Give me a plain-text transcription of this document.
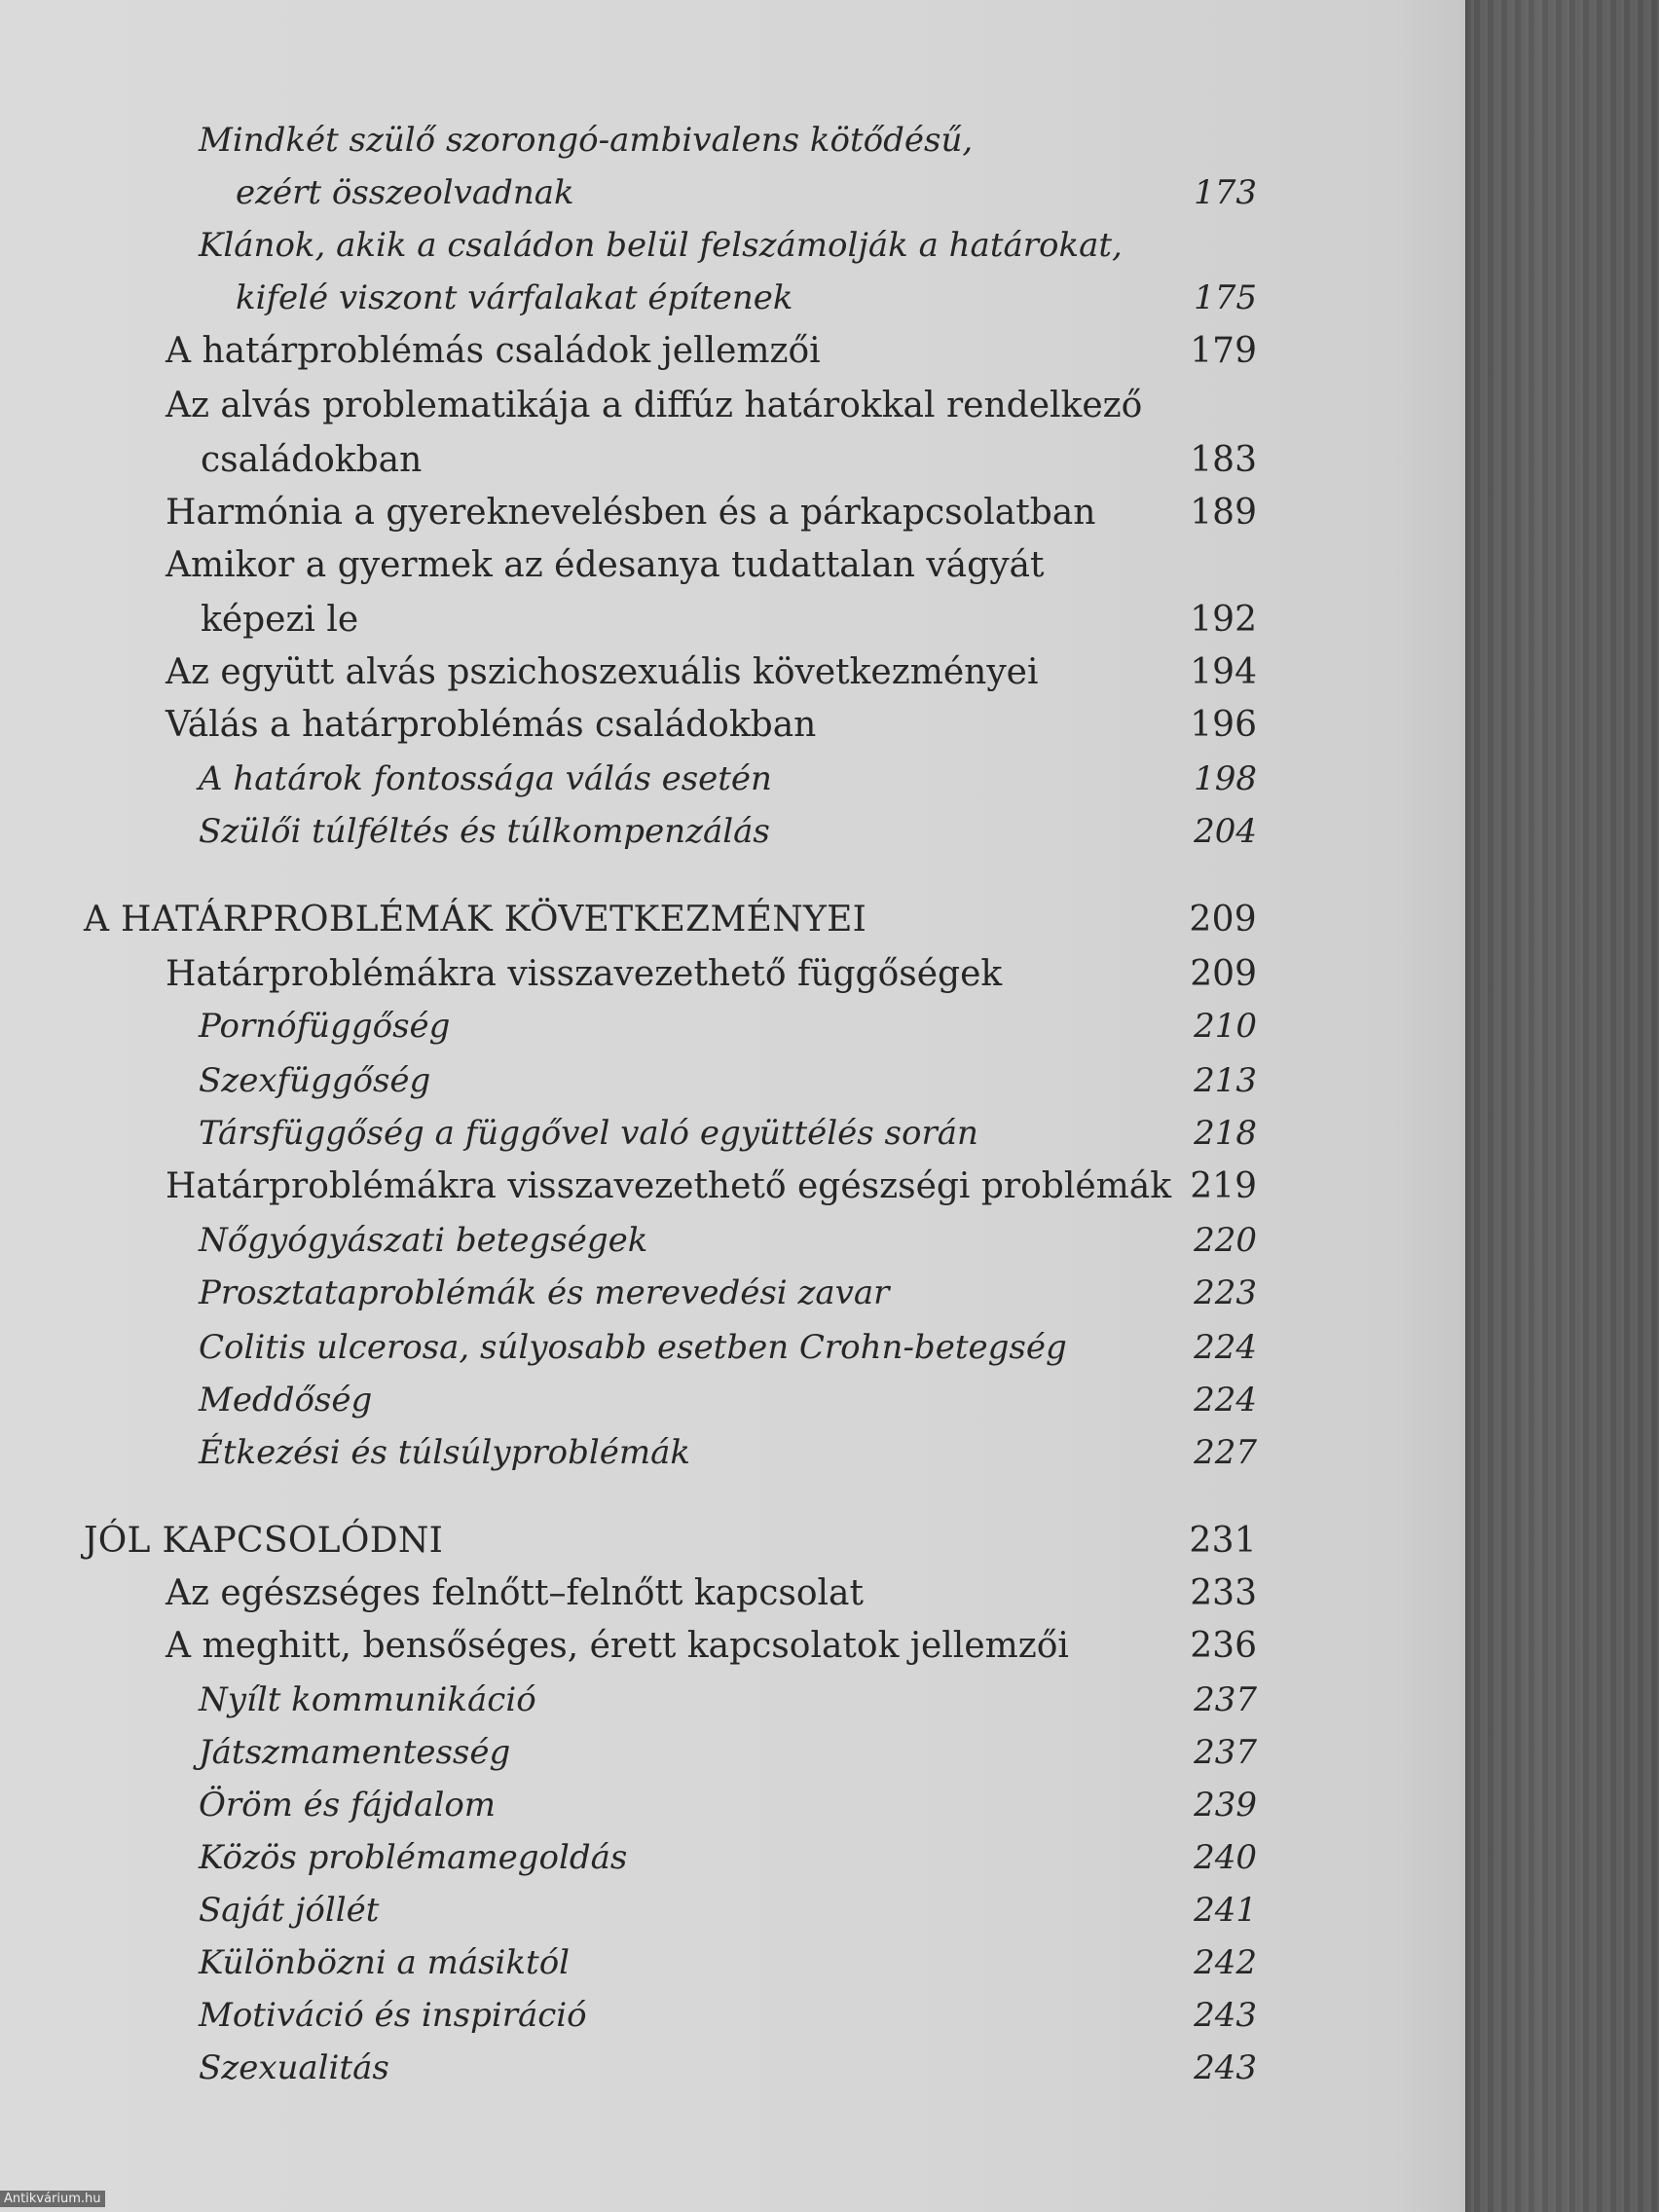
Mindkét szülő szorongó-ambivalens kötődésű,
ezért összeolvadnak	173
Klánok, akik a családon belül felszámolják a határokat,
kifelé viszont várfalakat építenek	175
A határproblémás családok jellemzői	179
Az alvás problematikája a diffúz határokkal rendelkező
családokban	183
Harmónia a gyereknevelésben és a párkapcsolatban	189
Amikor a gyermek az édesanya tudattalan vágyát
képezi le	192
Az együtt alvás pszichoszexuális következményei	194
Válás a határproblémás családokban	196
A határok fontossága válás esetén	198
Szülői túlféltés és túlkompenzálás	204
A HATÁRPROBLÉMÁK KÖVETKEZMÉNYEI	209
Határproblémákra visszavezethető függőségek	209
Pornófüggőség	210
Szexfüggőség	213
Társfüggőség a függővel való együttélés során	218
Határproblémákra visszavezethető egészségi problémák 219
Nőgyógyászati betegségek	220
Prosztataproblémák és merevedési zavar	223
Colitis ulcerosa, súlyosabb esetben Crohn-betegség	224
Meddőség	224
Étkezési és túlsúlyproblémák	227
JÓL KAPCSOLÓDNI	231
Az egészséges felnőtt–felnőtt kapcsolat	233
A meghitt, bensőséges, érett kapcsolatok jellemzői	236
Nyílt kommunikáció	237
Játszmamentesség	237
Öröm és fájdalom	239
Közös problémamegoldás	240
Saját jóllét	241
Különbözni a másiktól	242
Motiváció és inspiráció	243
Szexualitás	243
Antikvárium.hu
